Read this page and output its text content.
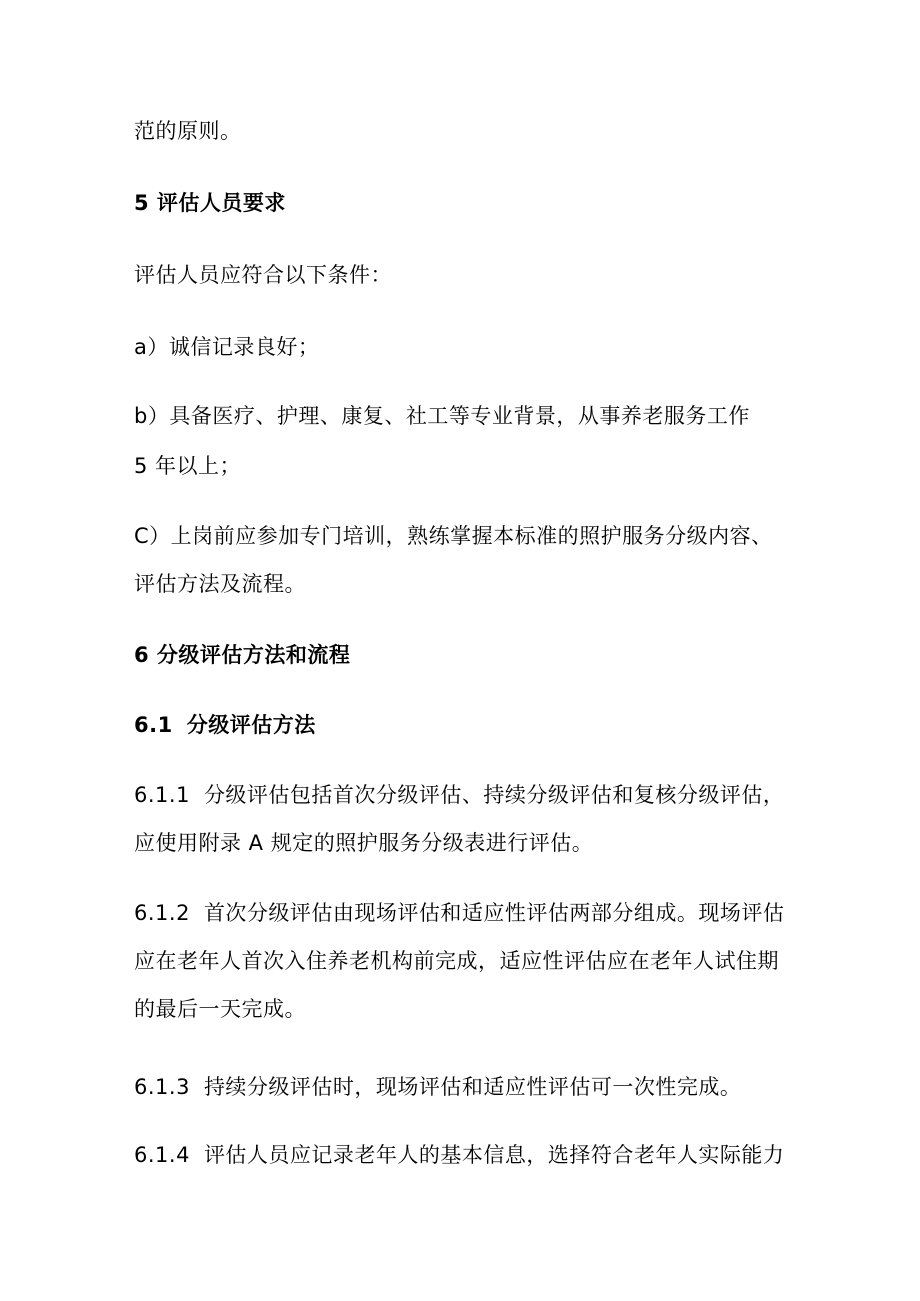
范的原则。
5 评估人员要求
评估人员应符合以下条件：
a）诚信记录良好；
b）具备医疗、护理、康复、社工等专业背景，从事养老服务工作
5 年以上；
C）上岗前应参加专门培训，熟练掌握本标准的照护服务分级内容、
评估方法及流程。
6 分级评估方法和流程
6.1 分级评估方法
6.1.1 分级评估包括首次分级评估、持续分级评估和复核分级评估，
应使用附录 A 规定的照护服务分级表进行评估。
6.1.2 首次分级评估由现场评估和适应性评估两部分组成。现场评估
应在老年人首次入住养老机构前完成，适应性评估应在老年人试住期
的最后一天完成。
6.1.3 持续分级评估时，现场评估和适应性评估可一次性完成。
6.1.4 评估人员应记录老年人的基本信息，选择符合老年人实际能力
